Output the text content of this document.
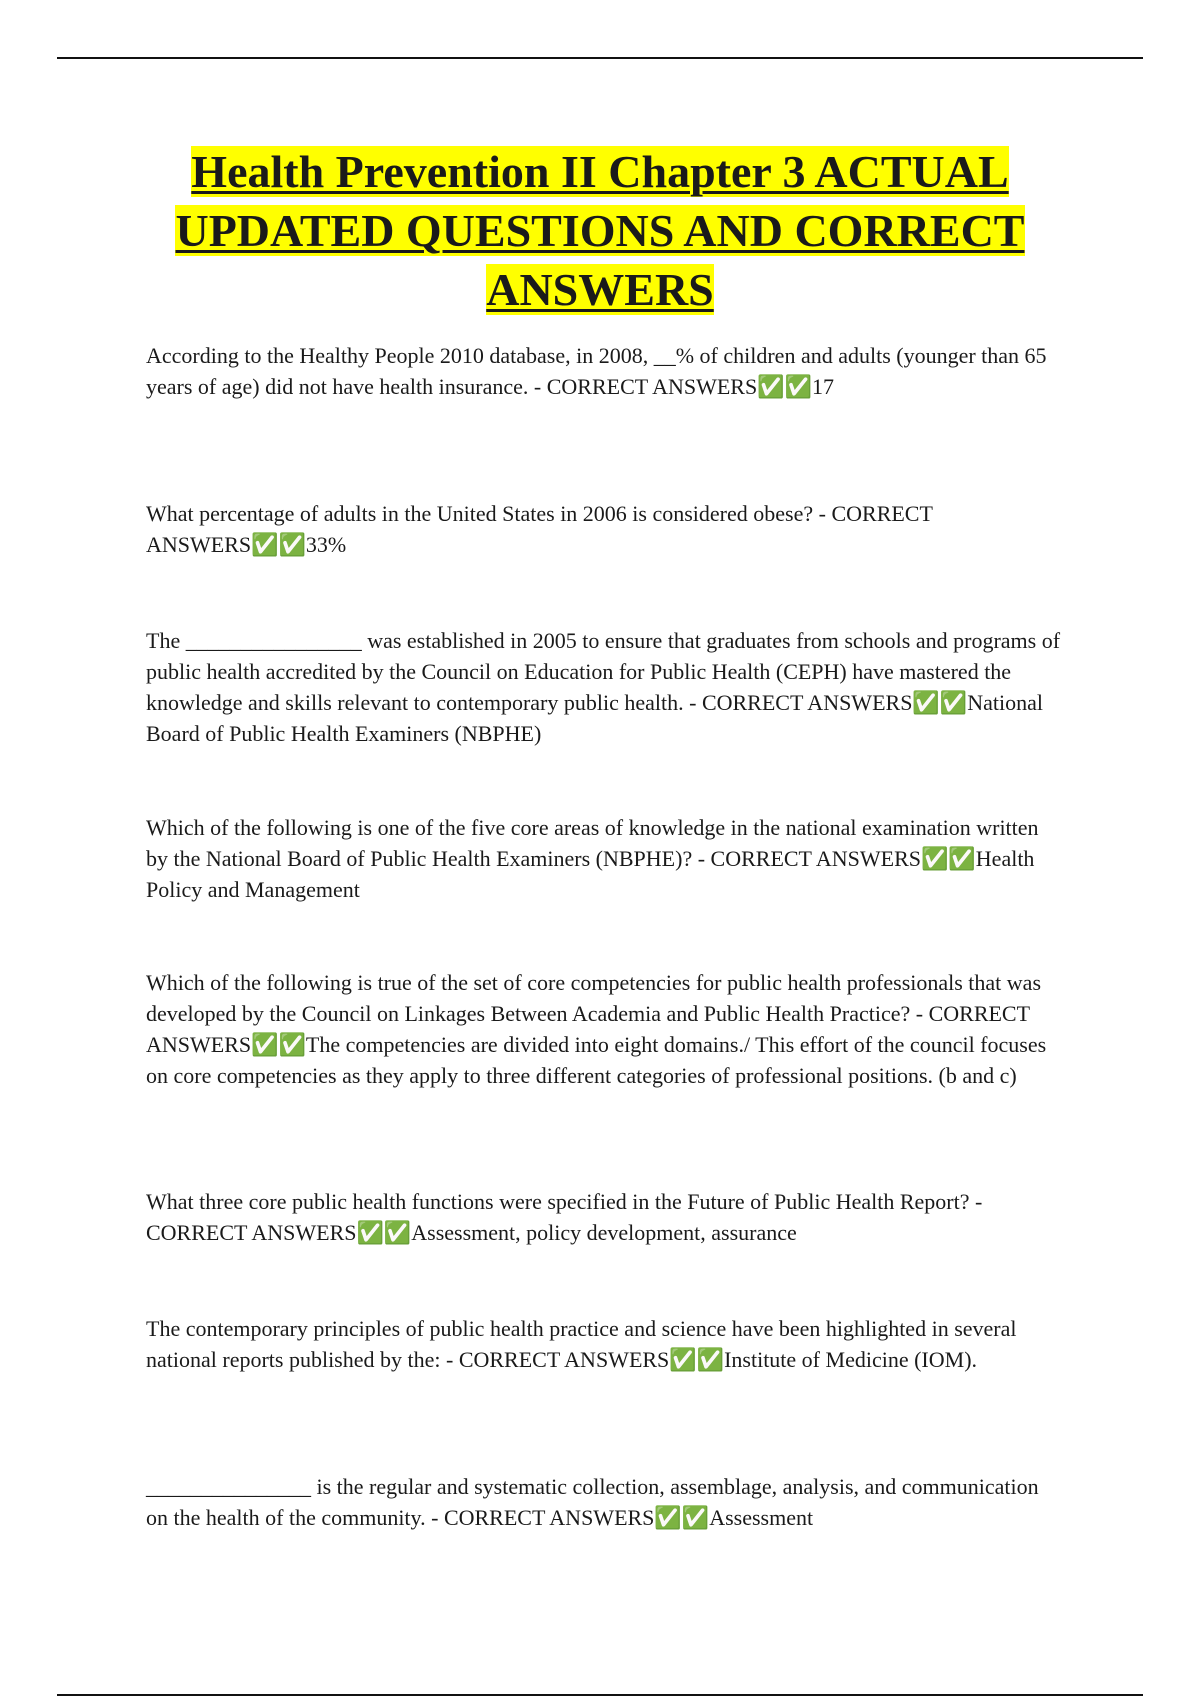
Health Prevention II Chapter 3 ACTUAL UPDATED QUESTIONS AND CORRECT ANSWERS

According to the Healthy People 2010 database, in 2008, __% of children and adults (younger than 65 years of age) did not have health insurance. - CORRECT ANSWERS✅✅17

What percentage of adults in the United States in 2006 is considered obese? - CORRECT ANSWERS✅✅33%

The ________________ was established in 2005 to ensure that graduates from schools and programs of public health accredited by the Council on Education for Public Health (CEPH) have mastered the knowledge and skills relevant to contemporary public health. - CORRECT ANSWERS✅✅National Board of Public Health Examiners (NBPHE)

Which of the following is one of the five core areas of knowledge in the national examination written by the National Board of Public Health Examiners (NBPHE)? - CORRECT ANSWERS✅✅Health Policy and Management

Which of the following is true of the set of core competencies for public health professionals that was developed by the Council on Linkages Between Academia and Public Health Practice? - CORRECT ANSWERS✅✅The competencies are divided into eight domains./ This effort of the council focuses on core competencies as they apply to three different categories of professional positions. (b and c)

What three core public health functions were specified in the Future of Public Health Report? - CORRECT ANSWERS✅✅Assessment, policy development, assurance

The contemporary principles of public health practice and science have been highlighted in several national reports published by the: - CORRECT ANSWERS✅✅Institute of Medicine (IOM).

_______________ is the regular and systematic collection, assemblage, analysis, and communication on the health of the community. - CORRECT ANSWERS✅✅Assessment
